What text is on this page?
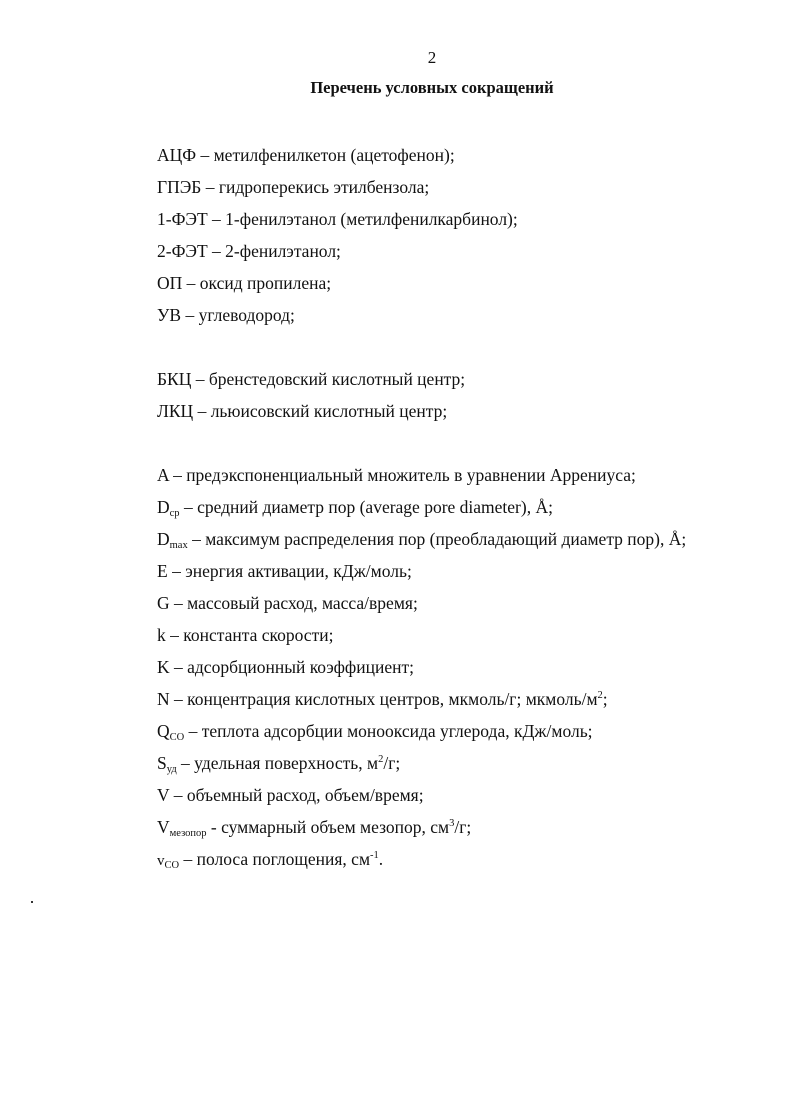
2
Перечень условных сокращений
АЦФ – метилфенилкетон (ацетофенон);
ГПЭБ – гидроперекись этилбензола;
1-ФЭТ – 1-фенилэтанол (метилфенилкарбинол);
2-ФЭТ – 2-фенилэтанол;
ОП – оксид пропилена;
УВ – углеводород;
БКЦ – бренстедовский кислотный центр;
ЛКЦ – льюисовский кислотный центр;
A – предэкспоненциальный множитель в уравнении Аррениуса;
$D_{ср}$ – средний диаметр пор (average pore diameter), Å;
$D_{max}$ – максимум распределения пор (преобладающий диаметр пор), Å;
E – энергия активации, кДж/моль;
G – массовый расход, масса/время;
k – константа скорости;
K – адсорбционный коэффициент;
N – концентрация кислотных центров, мкмоль/г; мкмоль/$м^2$;
$Q_{CO}$ – теплота адсорбции монооксида углерода, кДж/моль;
$S_{уд}$ – удельная поверхность, $м^2/г$;
V – объемный расход, объем/время;
$V_{мезопор}$ - суммарный объем мезопор, $см^3/г$;
$v_{CO}$ – полоса поглощения, $см^{-1}$.
